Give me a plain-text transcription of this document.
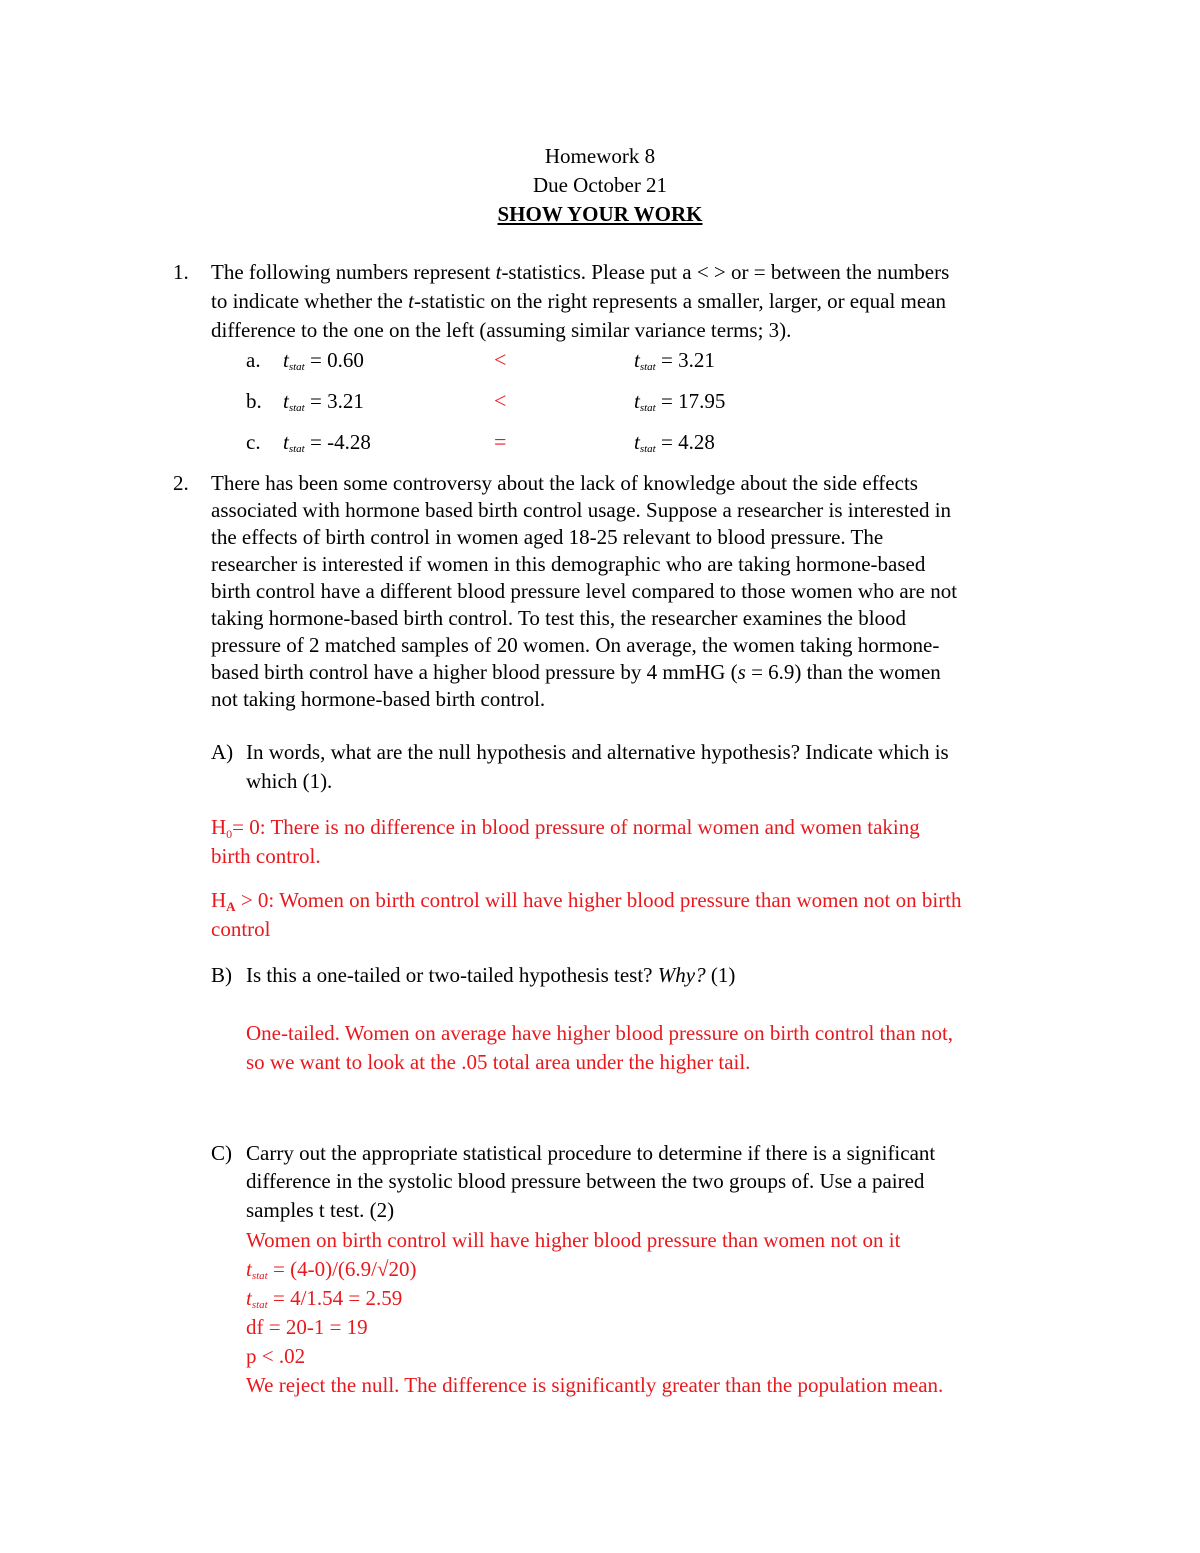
Homework 8
Due October 21
SHOW YOUR WORK
1. The following numbers represent t-statistics. Please put a < > or = between the numbers
to indicate whether the t-statistic on the right represents a smaller, larger, or equal mean
difference to the one on the left (assuming similar variance terms; 3).
a. $t_{stat} = 0.60$	<	$t_{stat} = 3.21$
b. $t_{stat} = 3.21$	<	$t_{stat} = 17.95$
c. $t_{stat} = -4.28$	=	$t_{stat} = 4.28$
2. There has been some controversy about the lack of knowledge about the side effects
associated with hormone based birth control usage. Suppose a researcher is interested in
the effects of birth control in women aged 18-25 relevant to blood pressure. The
researcher is interested if women in this demographic who are taking hormone-based
birth control have a different blood pressure level compared to those women who are not
taking hormone-based birth control. To test this, the researcher examines the blood
pressure of 2 matched samples of 20 women. On average, the women taking hormone-
based birth control have a higher blood pressure by 4 mmHG (s = 6.9) than the women
not taking hormone-based birth control.
A) In words, what are the null hypothesis and alternative hypothesis? Indicate which is
which (1).
H0= 0: There is no difference in blood pressure of normal women and women taking
birth control.
HA > 0: Women on birth control will have higher blood pressure than women not on birth
control
B) Is this a one-tailed or two-tailed hypothesis test? Why? (1)
One-tailed. Women on average have higher blood pressure on birth control than not,
so we want to look at the .05 total area under the higher tail.
C) Carry out the appropriate statistical procedure to determine if there is a significant
difference in the systolic blood pressure between the two groups of. Use a paired
samples t test. (2)
Women on birth control will have higher blood pressure than women not on it
$t_{stat} = (4-0)/(6.9/√20)$
$t_{stat} = 4/1.54 = 2.59$
df = 20-1 = 19
p < .02
We reject the null. The difference is significantly greater than the population mean.
